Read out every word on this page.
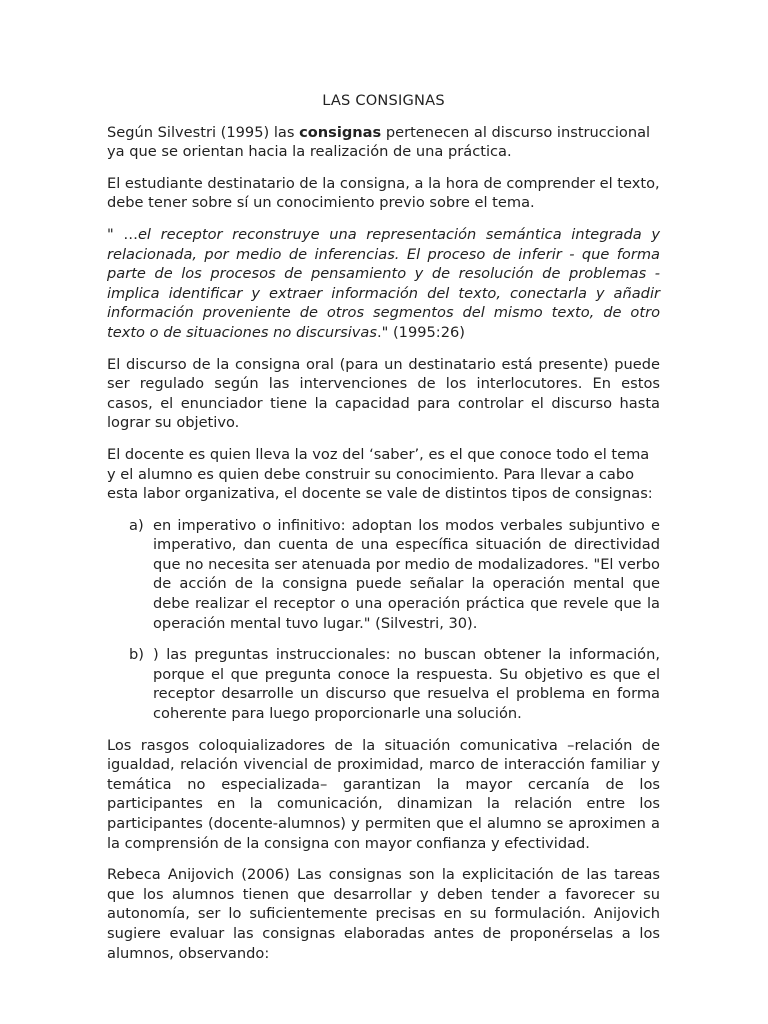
LAS CONSIGNAS

Según Silvestri (1995) las consignas pertenecen al discurso instruccional ya que se orientan hacia la realización de una práctica.

El estudiante destinatario de la consigna, a la hora de comprender el texto, debe tener sobre sí un conocimiento previo sobre el tema.

" …el receptor reconstruye una representación semántica integrada y relacionada, por medio de inferencias. El proceso de inferir - que forma parte de los procesos de pensamiento y de resolución de problemas - implica identificar y extraer información del texto, conectarla y añadir información proveniente de otros segmentos del mismo texto, de otro texto o de situaciones no discursivas." (1995:26)

El discurso de la consigna oral (para un destinatario está presente) puede ser regulado según las intervenciones de los interlocutores. En estos casos, el enunciador tiene la capacidad para controlar el discurso hasta lograr su objetivo.

El docente es quien lleva la voz del ‘saber’, es el que conoce todo el tema y el alumno es quien debe construir su conocimiento. Para llevar a cabo esta labor organizativa, el docente se vale de distintos tipos de consignas:

a) en imperativo o infinitivo: adoptan los modos verbales subjuntivo e imperativo, dan cuenta de una específica situación de directividad que no necesita ser atenuada por medio de modalizadores. "El verbo de acción de la consigna puede señalar la operación mental que debe realizar el receptor o una operación práctica que revele que la operación mental tuvo lugar." (Silvestri, 30).
b) ) las preguntas instruccionales: no buscan obtener la información, porque el que pregunta conoce la respuesta. Su objetivo es que el receptor desarrolle un discurso que resuelva el problema en forma coherente para luego proporcionarle una solución.

Los rasgos coloquializadores de la situación comunicativa –relación de igualdad, relación vivencial de proximidad, marco de interacción familiar y temática no especializada– garantizan la mayor cercanía de los participantes en la comunicación, dinamizan la relación entre los participantes (docente-alumnos) y permiten que el alumno se aproximen a la comprensión de la consigna con mayor confianza y efectividad.

Rebeca Anijovich (2006) Las consignas son la explicitación de las tareas que los alumnos tienen que desarrollar y deben tender a favorecer su autonomía, ser lo suficientemente precisas en su formulación. Anijovich sugiere evaluar las consignas elaboradas antes de proponérselas a los alumnos, observando:
